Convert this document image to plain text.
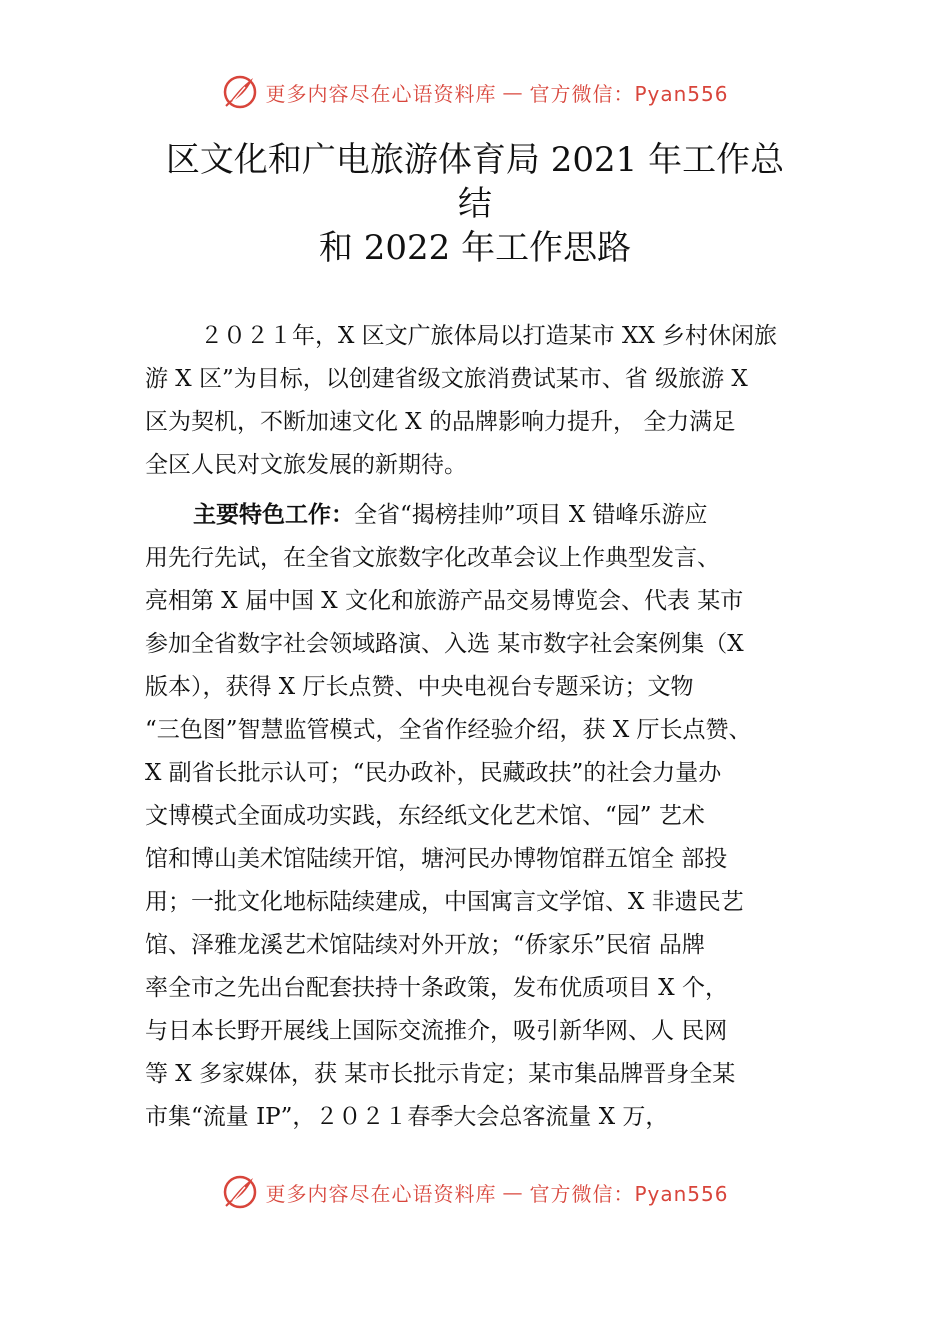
更多内容尽在心语资料库 — 官方微信：Pyan556
区文化和广电旅游体育局 2021 年工作总
结
和 2022 年工作思路
２０２１年，X 区文广旅体局以打造某市 XX 乡村休闲旅
游 X 区”为目标，以创建省级文旅消费试某市、省 级旅游 X
区为契机，不断加速文化 X 的品牌影响力提升， 全力满足
全区人民对文旅发展的新期待。
主要特色工作：全省“揭榜挂帅”项目 X 错峰乐游应
用先行先试，在全省文旅数字化改革会议上作典型发言、
亮相第 X 届中国 X 文化和旅游产品交易博览会、代表 某市
参加全省数字社会领域路演、入选 某市数字社会案例集（X
版本），获得 X 厅长点赞、中央电视台专题采访；文物
“三色图”智慧监管模式，全省作经验介绍，获 X 厅长点赞、
X 副省长批示认可；“民办政补，民藏政扶”的社会力量办
文博模式全面成功实践，东经纸文化艺术馆、“园” 艺术
馆和博山美术馆陆续开馆，塘河民办博物馆群五馆全 部投
用；一批文化地标陆续建成，中国寓言文学馆、X 非遗民艺
馆、泽雅龙溪艺术馆陆续对外开放；“侨家乐”民宿 品牌
率全市之先出台配套扶持十条政策，发布优质项目 X 个，
与日本长野开展线上国际交流推介，吸引新华网、人 民网
等 X 多家媒体，获 某市长批示肯定；某市集品牌晋身全某
市集“流量 IP”，２０２１春季大会总客流量 X 万，
更多内容尽在心语资料库 — 官方微信：Pyan556
